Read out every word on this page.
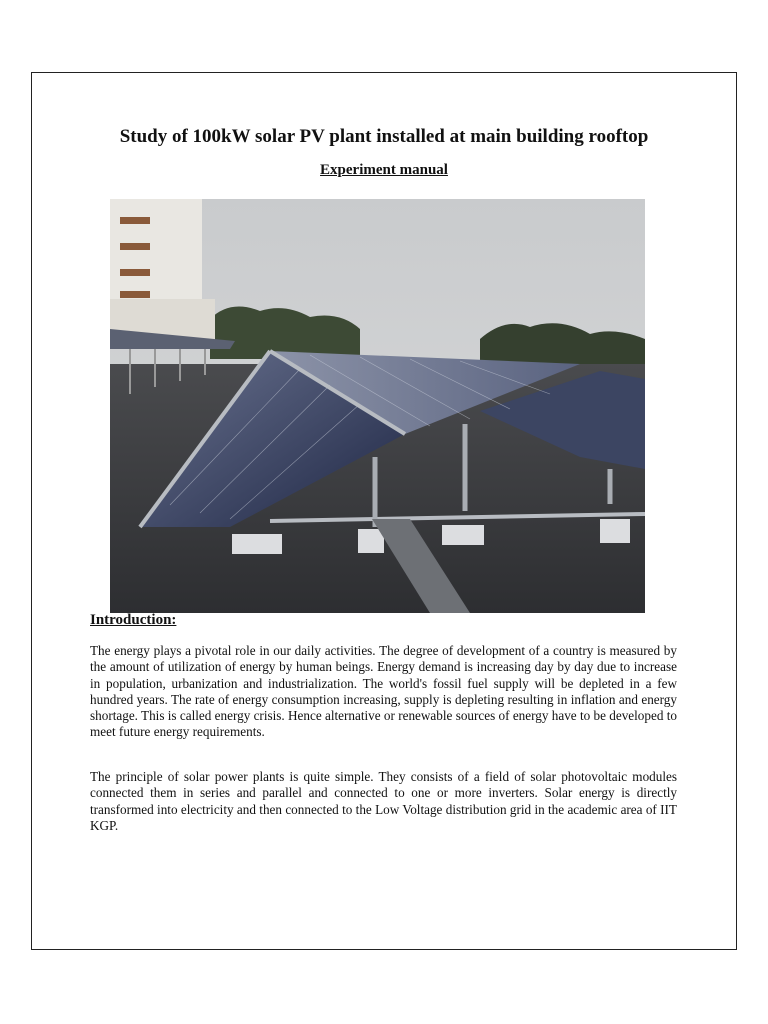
Study of 100kW solar PV plant installed at main building rooftop
Experiment manual
Introduction:

The energy plays a pivotal role in our daily activities. The degree of development of a country is measured by the amount of utilization of energy by human beings. Energy demand is increasing day by day due to increase in population, urbanization and industrialization. The world's fossil fuel supply will be depleted in a few hundred years. The rate of energy consumption increasing, supply is depleting resulting in inflation and energy shortage. This is called energy crisis. Hence alternative or renewable sources of energy have to be developed to meet future energy requirements.

The principle of solar power plants is quite simple. They consists of a field of solar photovoltaic modules connected them in series and parallel and connected to one or more inverters. Solar energy is directly transformed into electricity and then connected to the Low Voltage distribution grid in the academic area of IIT KGP.
